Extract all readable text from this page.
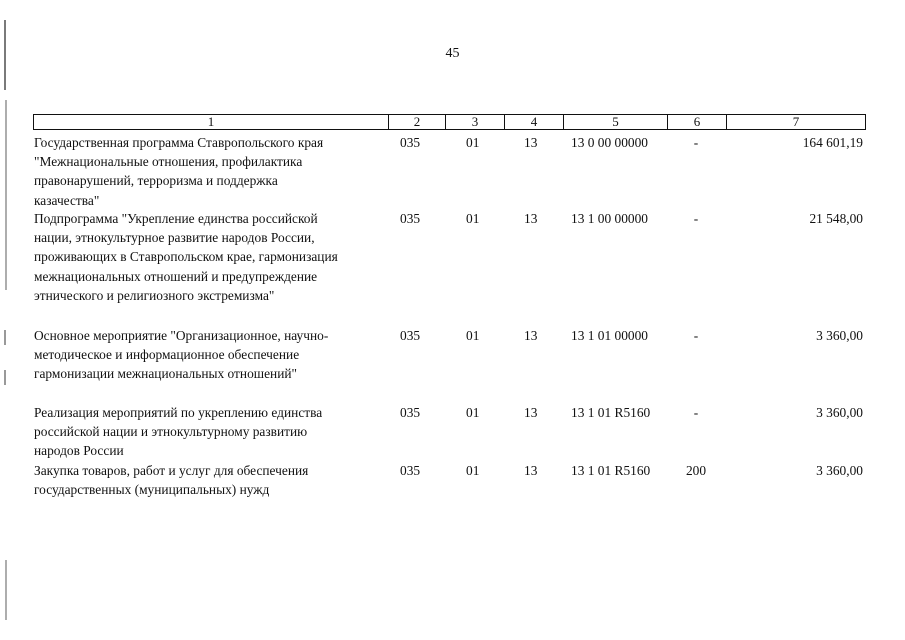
45
1	2	3	4	5	6	7
Государственная программа Ставропольского края
"Межнациональные отношения, профилактика
правонарушений, терроризма и поддержка
казачества"
035	01	13	13 0 00 00000	-	164 601,19
Подпрограмма "Укрепление единства российской
нации, этнокультурное развитие народов России,
проживающих в Ставропольском крае, гармонизация
межнациональных отношений и предупреждение
этнического и религиозного экстремизма"
035	01	13	13 1 00 00000	-	21 548,00
Основное мероприятие "Организационное, научно-
методическое и информационное обеспечение
гармонизации межнациональных отношений"
035	01	13	13 1 01 00000	-	3 360,00
Реализация мероприятий по укреплению единства
российской нации и этнокультурному развитию
народов России
035	01	13	13 1 01 R5160	-	3 360,00
Закупка товаров, работ и услуг для обеспечения
государственных (муниципальных) нужд
035	01	13	13 1 01 R5160	200	3 360,00
